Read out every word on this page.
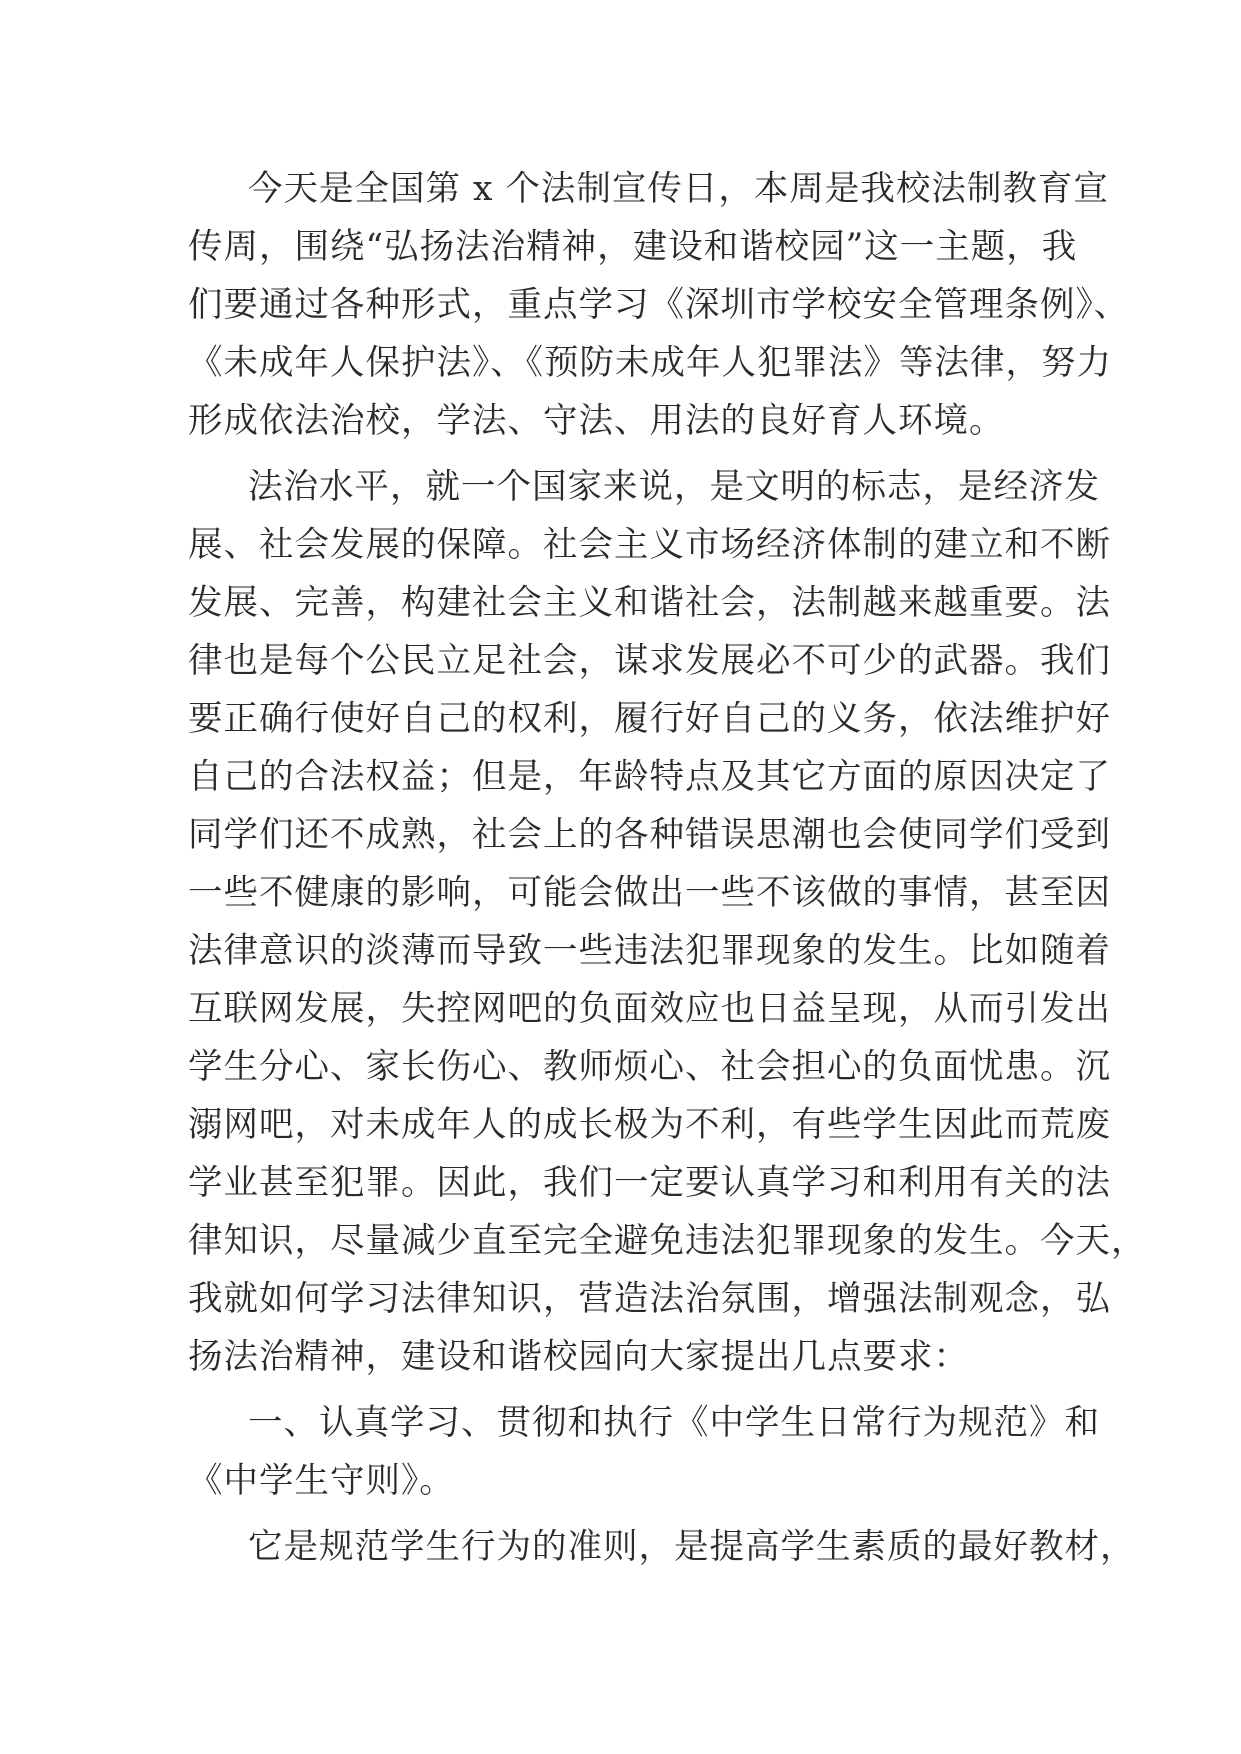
今天是全国第 x 个法制宣传日，本周是我校法制教育宣
传周，围绕“弘扬法治精神，建设和谐校园”这一主题，我
们要通过各种形式，重点学习《深圳市学校安全管理条例》、
《未成年人保护法》、《预防未成年人犯罪法》等法律，努力
形成依法治校，学法、守法、用法的良好育人环境。
法治水平，就一个国家来说，是文明的标志，是经济发
展、社会发展的保障。社会主义市场经济体制的建立和不断
发展、完善，构建社会主义和谐社会，法制越来越重要。法
律也是每个公民立足社会，谋求发展必不可少的武器。我们
要正确行使好自己的权利，履行好自己的义务，依法维护好
自己的合法权益；但是，年龄特点及其它方面的原因决定了
同学们还不成熟，社会上的各种错误思潮也会使同学们受到
一些不健康的影响，可能会做出一些不该做的事情，甚至因
法律意识的淡薄而导致一些违法犯罪现象的发生。比如随着
互联网发展，失控网吧的负面效应也日益呈现，从而引发出
学生分心、家长伤心、教师烦心、社会担心的负面忧患。沉
溺网吧，对未成年人的成长极为不利，有些学生因此而荒废
学业甚至犯罪。因此，我们一定要认真学习和利用有关的法
律知识，尽量减少直至完全避免违法犯罪现象的发生。今天，
我就如何学习法律知识，营造法治氛围，增强法制观念，弘
扬法治精神，建设和谐校园向大家提出几点要求：
一、认真学习、贯彻和执行《中学生日常行为规范》和
《中学生守则》。
它是规范学生行为的准则，是提高学生素质的最好教材，
